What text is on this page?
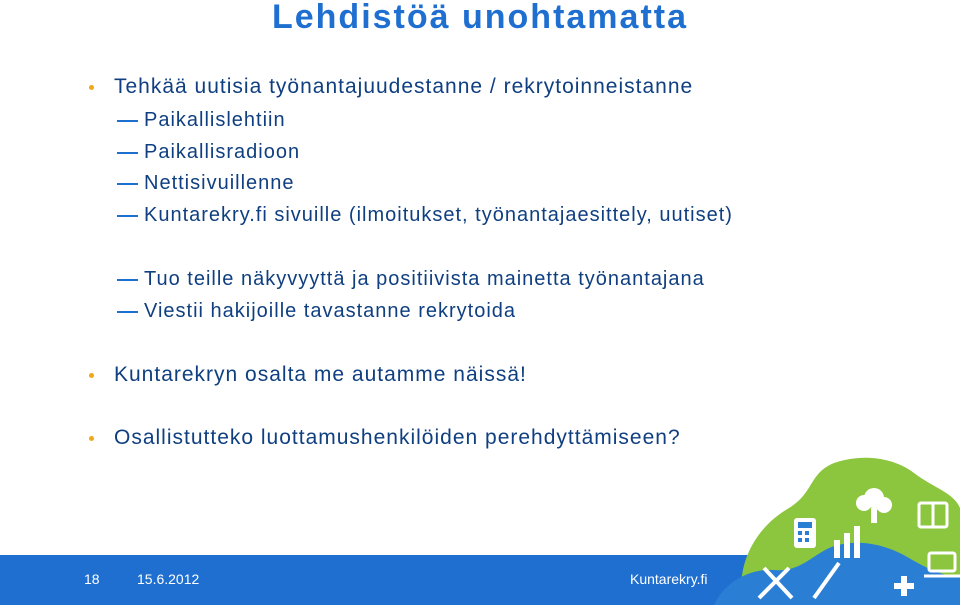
Lehdistöä unohtamatta
Tehkää uutisia työnantajuudestanne / rekrytoinneistanne
Paikallislehtiin
Paikallisradioon
Nettisivuillenne
Kuntarekry.fi sivuille (ilmoitukset, työnantajaesittely, uutiset)
Tuo teille näkyvyyttä ja positiivista mainetta työnantajana
Viestii hakijoille tavastanne rekrytoida
Kuntarekryn osalta me autamme näissä!
Osallistutteko luottamushenkilöiden perehdyttämiseen?
18	15.6.2012	Kuntarekry.fi
